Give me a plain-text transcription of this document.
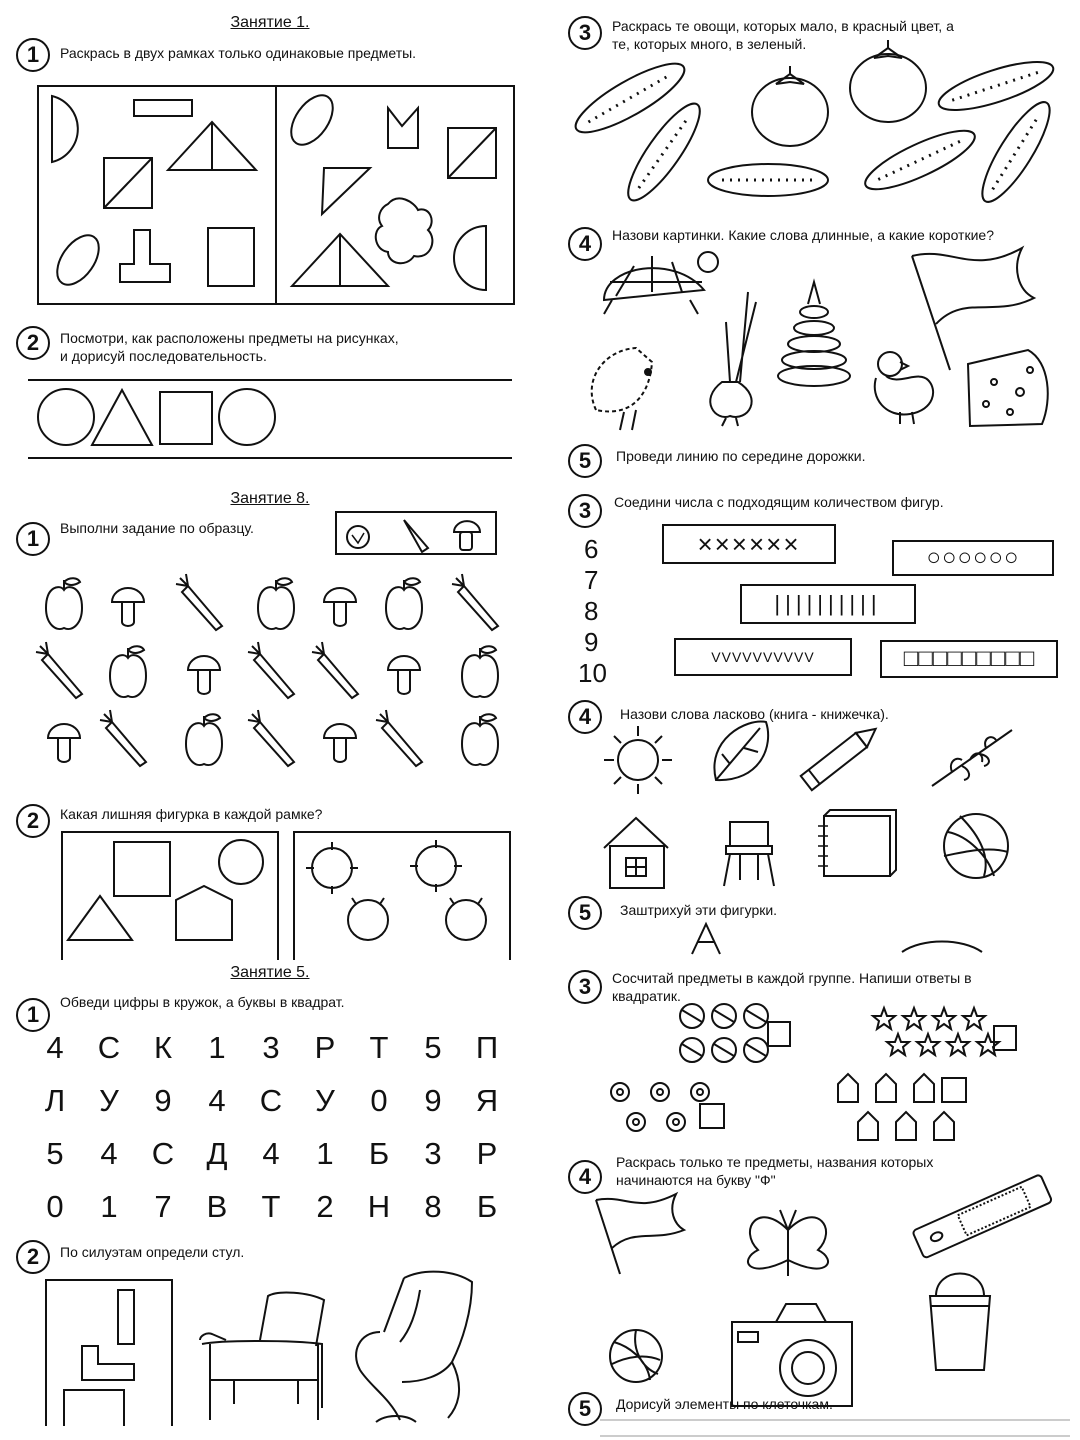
Занятие 1.
1	Раскрась в двух рамках только одинаковые предметы.
2	Посмотри, как расположены предметы на рисунках,
и дорисуй последовательность.
3	Раскрась те овощи, которых мало, в красный цвет, а
те, которых много, в зеленый.
4	Назови картинки. Какие слова длинные, а какие короткие?
5	Проведи линию по середине дорожки.
Занятие 8.
1	Выполни задание по образцу.
2	Какая лишняя фигурка в каждой рамке?
3	Соедини числа с подходящим количеством фигур.
6
7
8
9
10
××××××	○○○○○○
||||||||||
VVVVVVVVVV	□□□□□□□□□
4	Назови слова ласково (книга - книжечка).
5	Заштрихуй эти фигурки.
Занятие 5.
1	Обведи цифры в кружок, а буквы в квадрат.
4	С	К	1	3	Р	Т	5	П
Л	У	9	4	С	У	0	9	Я
5	4	С	Д	4	1	Б	3	Р
0	1	7	В	Т	2	Н	8	Б
2	По силуэтам определи стул.
3	Сосчитай предметы в каждой группе. Напиши ответы в
квадратик.
4
Раскрась только те предметы, названия которых
начинаются на букву "Ф"
5	Дорисуй элементы по клеточкам.
